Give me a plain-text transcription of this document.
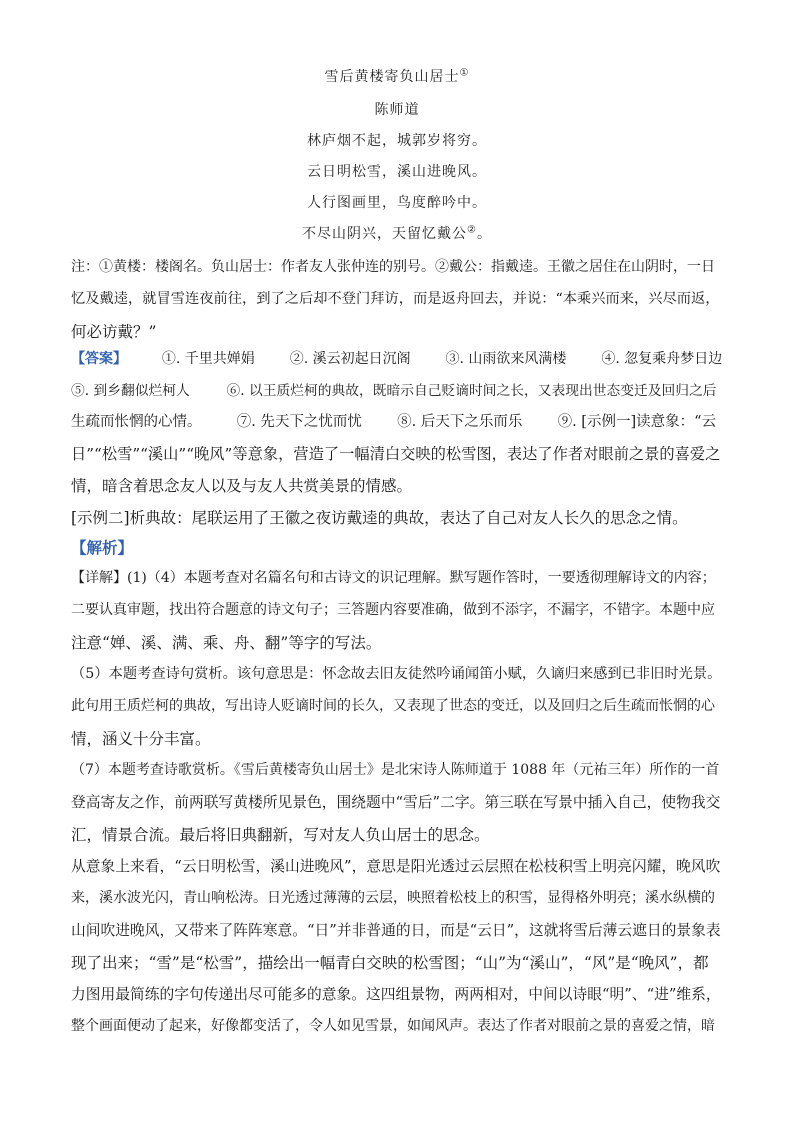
雪后黄楼寄负山居士①
陈师道
林庐烟不起，城郭岁将穷。
云日明松雪，溪山进晚风。
人行图画里，鸟度醉吟中。
不尽山阴兴，天留忆戴公②。
注：①黄楼：楼阁名。负山居士：作者友人张仲连的别号。②戴公：指戴逵。王徽之居住在山阴时，一日
忆及戴逵，就冒雪连夜前往，到了之后却不登门拜访，而是返舟回去，并说：“本乘兴而来，兴尽而返，
何必访戴？”
【答案】 ①. 千里共婵娟 ②. 溪云初起日沉阁 ③. 山雨欲来风满楼 ④. 忽复乘舟梦日边
⑤. 到乡翻似烂柯人	⑥. 以王质烂柯的典故，既暗示自己贬谪时间之长，又表现出世态变迁及回归之后
生疏而怅惘的心情。 ⑦. 先天下之忧而忧 ⑧. 后天下之乐而乐 ⑨. [示例一]读意象：“云
日”“松雪”“溪山”“晚风”等意象，营造了一幅清白交映的松雪图，表达了作者对眼前之景的喜爱之
情，暗含着思念友人以及与友人共赏美景的情感。
[示例二]析典故：尾联运用了王徽之夜访戴逵的典故，表达了自己对友人长久的思念之情。
【解析】
【详解】(1)（4）本题考查对名篇名句和古诗文的识记理解。默写题作答时，一要透彻理解诗文的内容；
二要认真审题，找出符合题意的诗文句子；三答题内容要准确，做到不添字，不漏字，不错字。本题中应
注意“婵、溪、满、乘、舟、翻”等字的写法。
（5）本题考查诗句赏析。该句意思是：怀念故去旧友徒然吟诵闻笛小赋，久谪归来感到已非旧时光景。
此句用王质烂柯的典故，写出诗人贬谪时间的长久，又表现了世态的变迁，以及回归之后生疏而怅惘的心
情，涵义十分丰富。
（7）本题考查诗歌赏析。《雪后黄楼寄负山居士》是北宋诗人陈师道于 1088 年（元祐三年）所作的一首
登高寄友之作，前两联写黄楼所见景色，围绕题中“雪后”二字。第三联在写景中插入自己，使物我交
汇，情景合流。最后将旧典翻新，写对友人负山居士的思念。
从意象上来看，“云日明松雪，溪山进晚风”，意思是阳光透过云层照在松枝积雪上明亮闪耀，晚风吹
来，溪水波光闪，青山响松涛。日光透过薄薄的云层，映照着松枝上的积雪，显得格外明亮；溪水纵横的
山间吹进晚风，又带来了阵阵寒意。“日”并非普通的日，而是“云日”，这就将雪后薄云遮日的景象表
现了出来；“雪”是“松雪”，描绘出一幅青白交映的松雪图；“山”为“溪山”，“风”是“晚风”，都
力图用最简练的字句传递出尽可能多的意象。这四组景物，两两相对，中间以诗眼“明”、“进”维系，
整个画面便动了起来，好像都变活了，令人如见雪景，如闻风声。表达了作者对眼前之景的喜爱之情，暗
